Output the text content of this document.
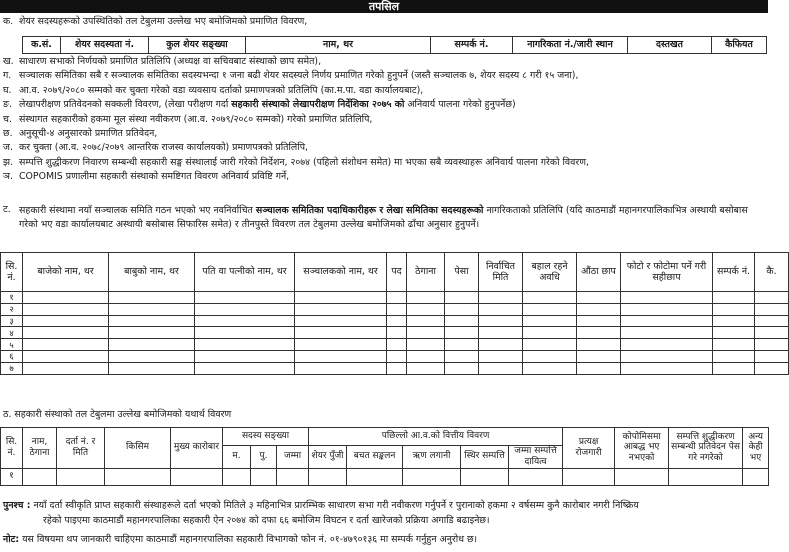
तपसिल
क. शेयर सदस्यहरूको उपस्थितिको तल टेबुलमा उल्लेख भए बमोजिमको प्रमाणित विवरण,
क.सं.	शेयर सदस्यता नं.	कुल शेयर सङ्ख्या	नाम, थर	सम्पर्क नं.	नागरिकता नं./जारी स्थान	दस्तखत	कैफियत
ख. साधारण सभाको निर्णयको प्रमाणित प्रतिलिपि (अध्यक्ष वा सचिवबाट संस्थाको छाप समेत),
ग. सञ्चालक समितिका सबै र सञ्चालक समितिका सदस्यभन्दा १ जना बढी शेयर सदस्यले निर्णय प्रमाणित गरेको हुनुपर्ने (जस्तै सञ्चालक ७, शेयर सदस्य ८ गरी १५ जना),
घ. आ.व. २०७९/२०८० सम्मको कर चुक्ता गरेको वडा व्यवसाय दर्ताको प्रमाणपत्रको प्रतिलिपि (का.म.पा. वडा कार्यालयबाट),
ङ. लेखापरीक्षण प्रतिवेदनको सक्कली विवरण, (लेखा परीक्षण गर्दा सहकारी संस्थाको लेखापरीक्षण निर्देशिका २०७५ को अनिवार्य पालना गरेको हुनुपर्नेछ)
च. संस्थागत सहकारीको हकमा मूल संस्था नवीकरण (आ.व. २०७९/२०८० सम्मको) गरेको प्रमाणित प्रतिलिपि,
छ. अनुसूची-४ अनुसारको प्रमाणित प्रतिवेदन,
ज. कर चुक्ता (आ.व. २०७८/२०७९ आन्तरिक राजस्व कार्यालयको) प्रमाणपत्रको प्रतिलिपि,
झ. सम्पत्ति शुद्धीकरण निवारण सम्बन्धी सहकारी सङ्घ संस्थालाई जारी गरेको निर्देशन, २०७४ (पहिलो संशोधन समेत) मा भएका सबै व्यवस्थाहरू अनिवार्य पालना गरेको विवरण,
ञ. COPOMIS प्रणालीमा सहकारी संस्थाको समष्टिगत विवरण अनिवार्य प्रविष्टि गर्ने,
ट. सहकारी संस्थामा नयाँ सञ्चालक समिति गठन भएको भए नवनिर्वाचित सञ्चालक समितिका पदाधिकारीहरू र लेखा समितिका सदस्यहरूको नागरिकताको प्रतिलिपि (यदि काठमाडौं महानगरपालिकाभित्र अस्थायी बसोबास गरेको भए वडा कार्यालयबाट अस्थायी बसोबास सिफारिस समेत) र तीनपुस्ते विवरण तल टेबुलमा उल्लेख बमोजिमको ढाँचा अनुसार हुनुपर्ने।
सि. नं.	बाजेको नाम, थर	बाबुको नाम, थर	पति वा पत्नीको नाम, थर	सञ्चालकको नाम, थर	पद	ठेगाना	पेसा	निर्वाचित मिति	बहाल रहने अवधि	औंठा छाप	फोटो र फोटोमा पर्ने गरी सहीछाप	सम्पर्क नं.	कै.
१													
२													
३													
४													
५													
६													
७													
ठ. सहकारी संस्थाको तल टेबुलमा उल्लेख बमोजिमको यथार्थ विवरण
सि. नं.	नाम, ठेगाना	दर्ता नं. र मिति	किसिम	मुख्य कारोबार	सदस्य सङ्ख्या			पछिल्लो आ.व.को वित्तीय विवरण					प्रत्यक्ष रोजगारी	कोपोमिसमा आबद्ध भए नभएको	सम्पत्ति शुद्धीकरण सम्बन्धी प्रतिवेदन पेस गरे नगरेको	अन्य केही भए
					म.	पु.	जम्मा	शेयर पुँजी	बचत सङ्कलन	ऋण लगानी	स्थिर सम्पत्ति	जम्मा सम्पत्ति दायित्व				
१																
पुनश्च : नयाँ दर्ता स्वीकृति प्राप्त सहकारी संस्थाहरूले दर्ता भएको मितिले ३ महिनाभित्र प्रारम्भिक साधारण सभा गरी नवीकरण गर्नुपर्ने र पुरानाको हकमा २ वर्षसम्म कुनै कारोबार नगरी निष्क्रिय
रहेको पाइएमा काठमाडौं महानगरपालिका सहकारी ऐन २०७४ को दफा ६६ बमोजिम विघटन र दर्ता खारेजको प्रक्रिया अगाडि बढाइनेछ।
नोट: यस विषयमा थप जानकारी चाहिएमा काठमाडौं महानगरपालिका सहकारी विभागको फोन नं. ०१-४७९०१३६ मा सम्पर्क गर्नुहुन अनुरोध छ।
